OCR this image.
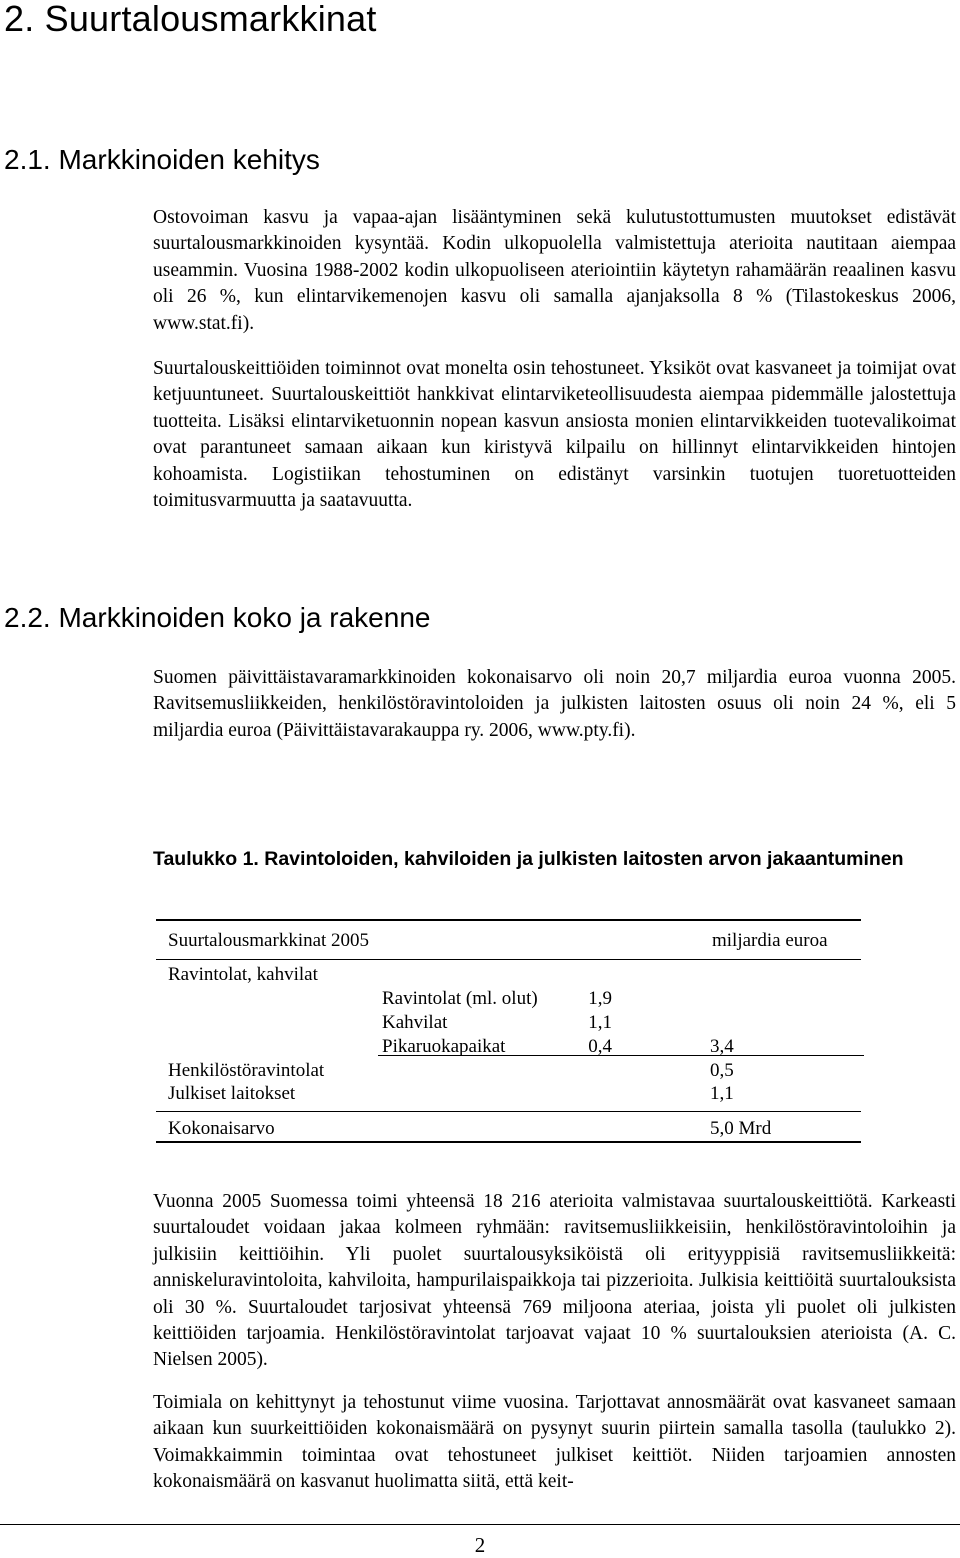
2. Suurtalousmarkkinat
2.1. Markkinoiden kehitys

Ostovoiman kasvu ja vapaa-ajan lisääntyminen sekä kulutustottumusten muutokset edistävät suurtalousmarkkinoiden kysyntää. Kodin ulkopuolella valmistettuja aterioita nautitaan aiempaa useammin. Vuosina 1988-2002 kodin ulkopuoliseen ateriointiin käytetyn rahamäärän reaalinen kasvu oli 26 %, kun elintarvikemenojen kasvu oli samalla ajanjaksolla 8 % (Tilastokeskus 2006, www.stat.fi).

Suurtalouskeittiöiden toiminnot ovat monelta osin tehostuneet. Yksiköt ovat kasvaneet ja toimijat ovat ketjuuntuneet. Suurtalouskeittiöt hankkivat elintarviketeollisuudesta aiempaa pidemmälle jalostettuja tuotteita. Lisäksi elintarviketuonnin nopean kasvun ansiosta monien elintarvikkeiden tuotevalikoimat ovat parantuneet samaan aikaan kun kiristyvä kilpailu on hillinnyt elintarvikkeiden hintojen kohoamista. Logistiikan tehostuminen on edistänyt varsinkin tuotujen tuoretuotteiden toimitusvarmuutta ja saatavuutta.

2.2. Markkinoiden koko ja rakenne

Suomen päivittäistavaramarkkinoiden kokonaisarvo oli noin 20,7 miljardia euroa vuonna 2005. Ravitsemusliikkeiden, henkilöstöravintoloiden ja julkisten laitosten osuus oli noin 24 %, eli 5 miljardia euroa (Päivittäistavarakauppa ry. 2006, www.pty.fi).

Taulukko 1. Ravintoloiden, kahviloiden ja julkisten laitosten arvon jakaantuminen

Suurtalousmarkkinat 2005	miljardia euroa
Ravintolat, kahvilat
Ravintolat (ml. olut)	1,9
Kahvilat	1,1
Pikaruokapaikat	0,4	3,4
Henkilöstöravintolat	0,5
Julkiset laitokset	1,1
Kokonaisarvo	5,0 Mrd

Vuonna 2005 Suomessa toimi yhteensä 18 216 aterioita valmistavaa suurtalouskeittiötä. Karkeasti suurtaloudet voidaan jakaa kolmeen ryhmään: ravitsemusliikkeisiin, henkilöstöravintoloihin ja julkisiin keittiöihin. Yli puolet suurtalousyksiköistä oli erityyppisiä ravitsemusliikkeitä: anniskeluravintoloita, kahviloita, hampurilaispaikkoja tai pizzerioita. Julkisia keittiöitä suurtalouksista oli 30 %. Suurtaloudet tarjosivat yhteensä 769 miljoona ateriaa, joista yli puolet oli julkisten keittiöiden tarjoamia. Henkilöstöravintolat tarjoavat vajaat 10 % suurtalouksien aterioista (A. C. Nielsen 2005).

Toimiala on kehittynyt ja tehostunut viime vuosina. Tarjottavat annosmäärät ovat kasvaneet samaan aikaan kun suurkeittiöiden kokonaismäärä on pysynyt suurin piirtein samalla tasolla (taulukko 2). Voimakkaimmin toimintaa ovat tehostuneet julkiset keittiöt. Niiden tarjoamien annosten kokonaismäärä on kasvanut huolimatta siitä, että keit-

2
